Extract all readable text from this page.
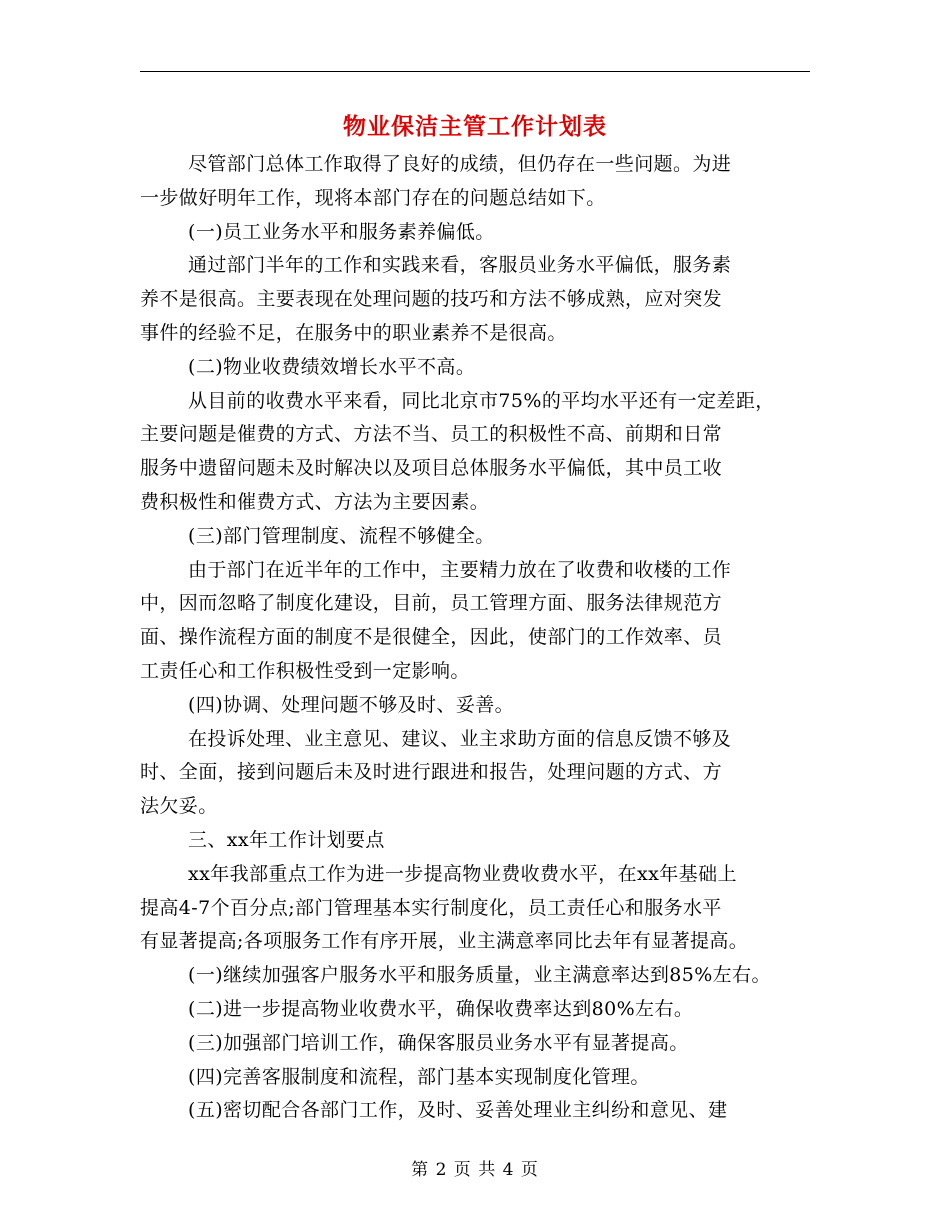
物业保洁主管工作计划表
尽管部门总体工作取得了良好的成绩，但仍存在一些问题。为进
一步做好明年工作，现将本部门存在的问题总结如下。
(一)员工业务水平和服务素养偏低。
通过部门半年的工作和实践来看，客服员业务水平偏低，服务素
养不是很高。主要表现在处理问题的技巧和方法不够成熟，应对突发
事件的经验不足，在服务中的职业素养不是很高。
(二)物业收费绩效增长水平不高。
从目前的收费水平来看，同比北京市75%的平均水平还有一定差距，
主要问题是催费的方式、方法不当、员工的积极性不高、前期和日常
服务中遗留问题未及时解决以及项目总体服务水平偏低，其中员工收
费积极性和催费方式、方法为主要因素。
(三)部门管理制度、流程不够健全。
由于部门在近半年的工作中，主要精力放在了收费和收楼的工作
中，因而忽略了制度化建设，目前，员工管理方面、服务法律规范方
面、操作流程方面的制度不是很健全，因此，使部门的工作效率、员
工责任心和工作积极性受到一定影响。
(四)协调、处理问题不够及时、妥善。
在投诉处理、业主意见、建议、业主求助方面的信息反馈不够及
时、全面，接到问题后未及时进行跟进和报告，处理问题的方式、方
法欠妥。
三、xx年工作计划要点
xx年我部重点工作为进一步提高物业费收费水平，在xx年基础上
提高4-7个百分点;部门管理基本实行制度化，员工责任心和服务水平
有显著提高;各项服务工作有序开展，业主满意率同比去年有显著提高。
(一)继续加强客户服务水平和服务质量，业主满意率达到85%左右。
(二)进一步提高物业收费水平，确保收费率达到80%左右。
(三)加强部门培训工作，确保客服员业务水平有显著提高。
(四)完善客服制度和流程，部门基本实现制度化管理。
(五)密切配合各部门工作，及时、妥善处理业主纠纷和意见、建
第 2 页 共 4 页
